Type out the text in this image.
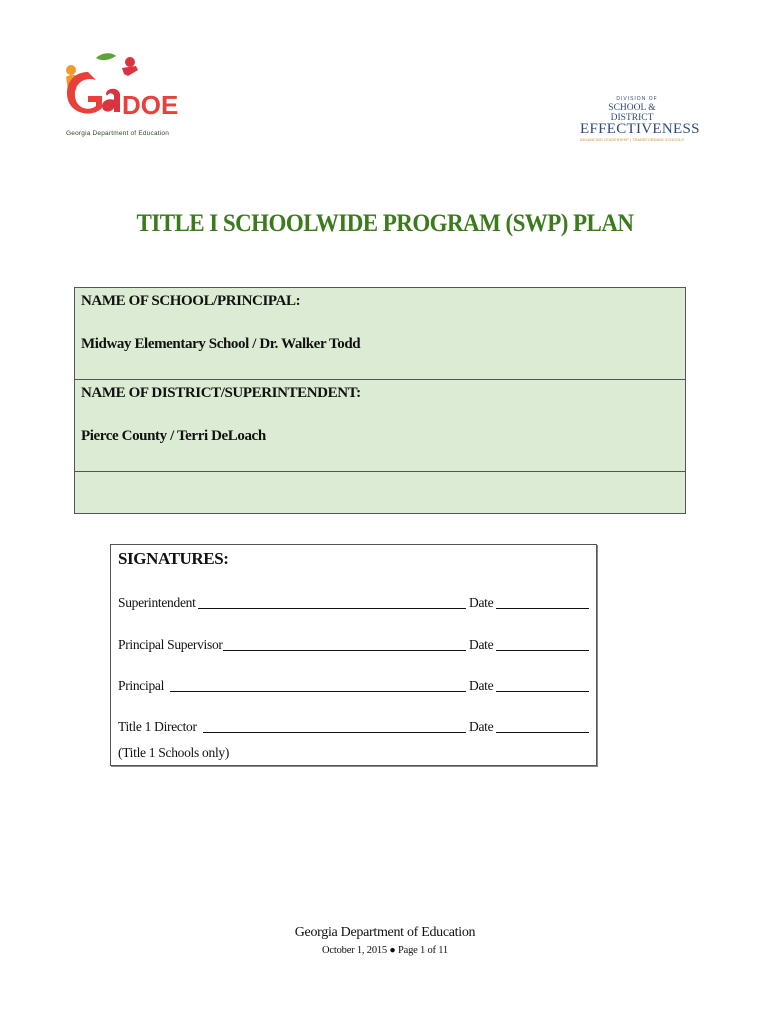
DOE
Georgia Department of Education
DIVISION OF
SCHOOL & DISTRICT
EFFECTIVENESS
ADVANCING LEADERSHIP | TRANSFORMING SCHOOLS
TITLE I SCHOOLWIDE PROGRAM (SWP) PLAN
NAME OF SCHOOL/PRINCIPAL:
Midway Elementary School / Dr. Walker Todd
NAME OF DISTRICT/SUPERINTENDENT:
Pierce County / Terri DeLoach
SIGNATURES:
Superintendent	Date
Principal Supervisor	Date
Principal	Date
Title 1 Director	Date
(Title 1 Schools only)
Georgia Department of Education
October 1, 2015 ● Page 1 of 11
